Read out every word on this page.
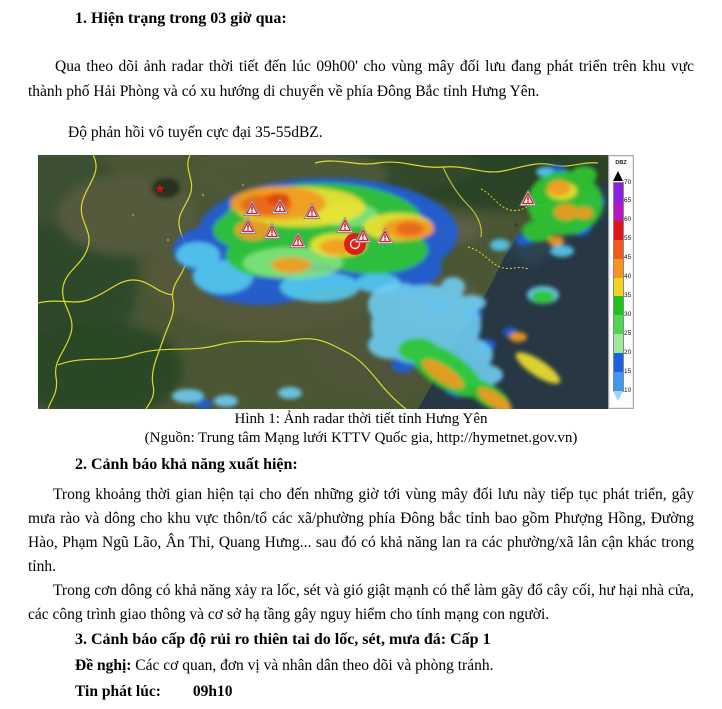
1. Hiện trạng trong 03 giờ qua:

Qua theo dõi ảnh radar thời tiết đến lúc 09h00' cho vùng mây đối lưu đang phát triển trên khu vực thành phố Hải Phòng và có xu hướng di chuyển về phía Đông Bắc tỉnh Hưng Yên.

Độ phản hồi vô tuyến cực đại 35-55dBZ.

★
DBZ
70
65
60
55
45
40
35
30
25
20
15
10

Hình 1: Ảnh radar thời tiết tỉnh Hưng Yên

(Nguồn: Trung tâm Mạng lưới KTTV Quốc gia, http://hymetnet.gov.vn)

2. Cảnh báo khả năng xuất hiện:

Trong khoảng thời gian hiện tại cho đến những giờ tới vùng mây đối lưu này tiếp tục phát triển, gây mưa rào và dông cho khu vực thôn/tổ các xã/phường phía Đông bắc tỉnh bao gồm Phượng Hồng, Đường Hào, Phạm Ngũ Lão, Ân Thi, Quang Hưng... sau đó có khả năng lan ra các phường/xã lân cận khác trong tỉnh.

Trong cơn dông có khả năng xảy ra lốc, sét và gió giật mạnh có thể làm gãy đổ cây cối, hư hại nhà cửa, các công trình giao thông và cơ sở hạ tầng gây nguy hiểm cho tính mạng con người.

3. Cảnh báo cấp độ rủi ro thiên tai do lốc, sét, mưa đá: Cấp 1

Đề nghị: Các cơ quan, đơn vị và nhân dân theo dõi và phòng tránh.

Tin phát lúc: 09h10
